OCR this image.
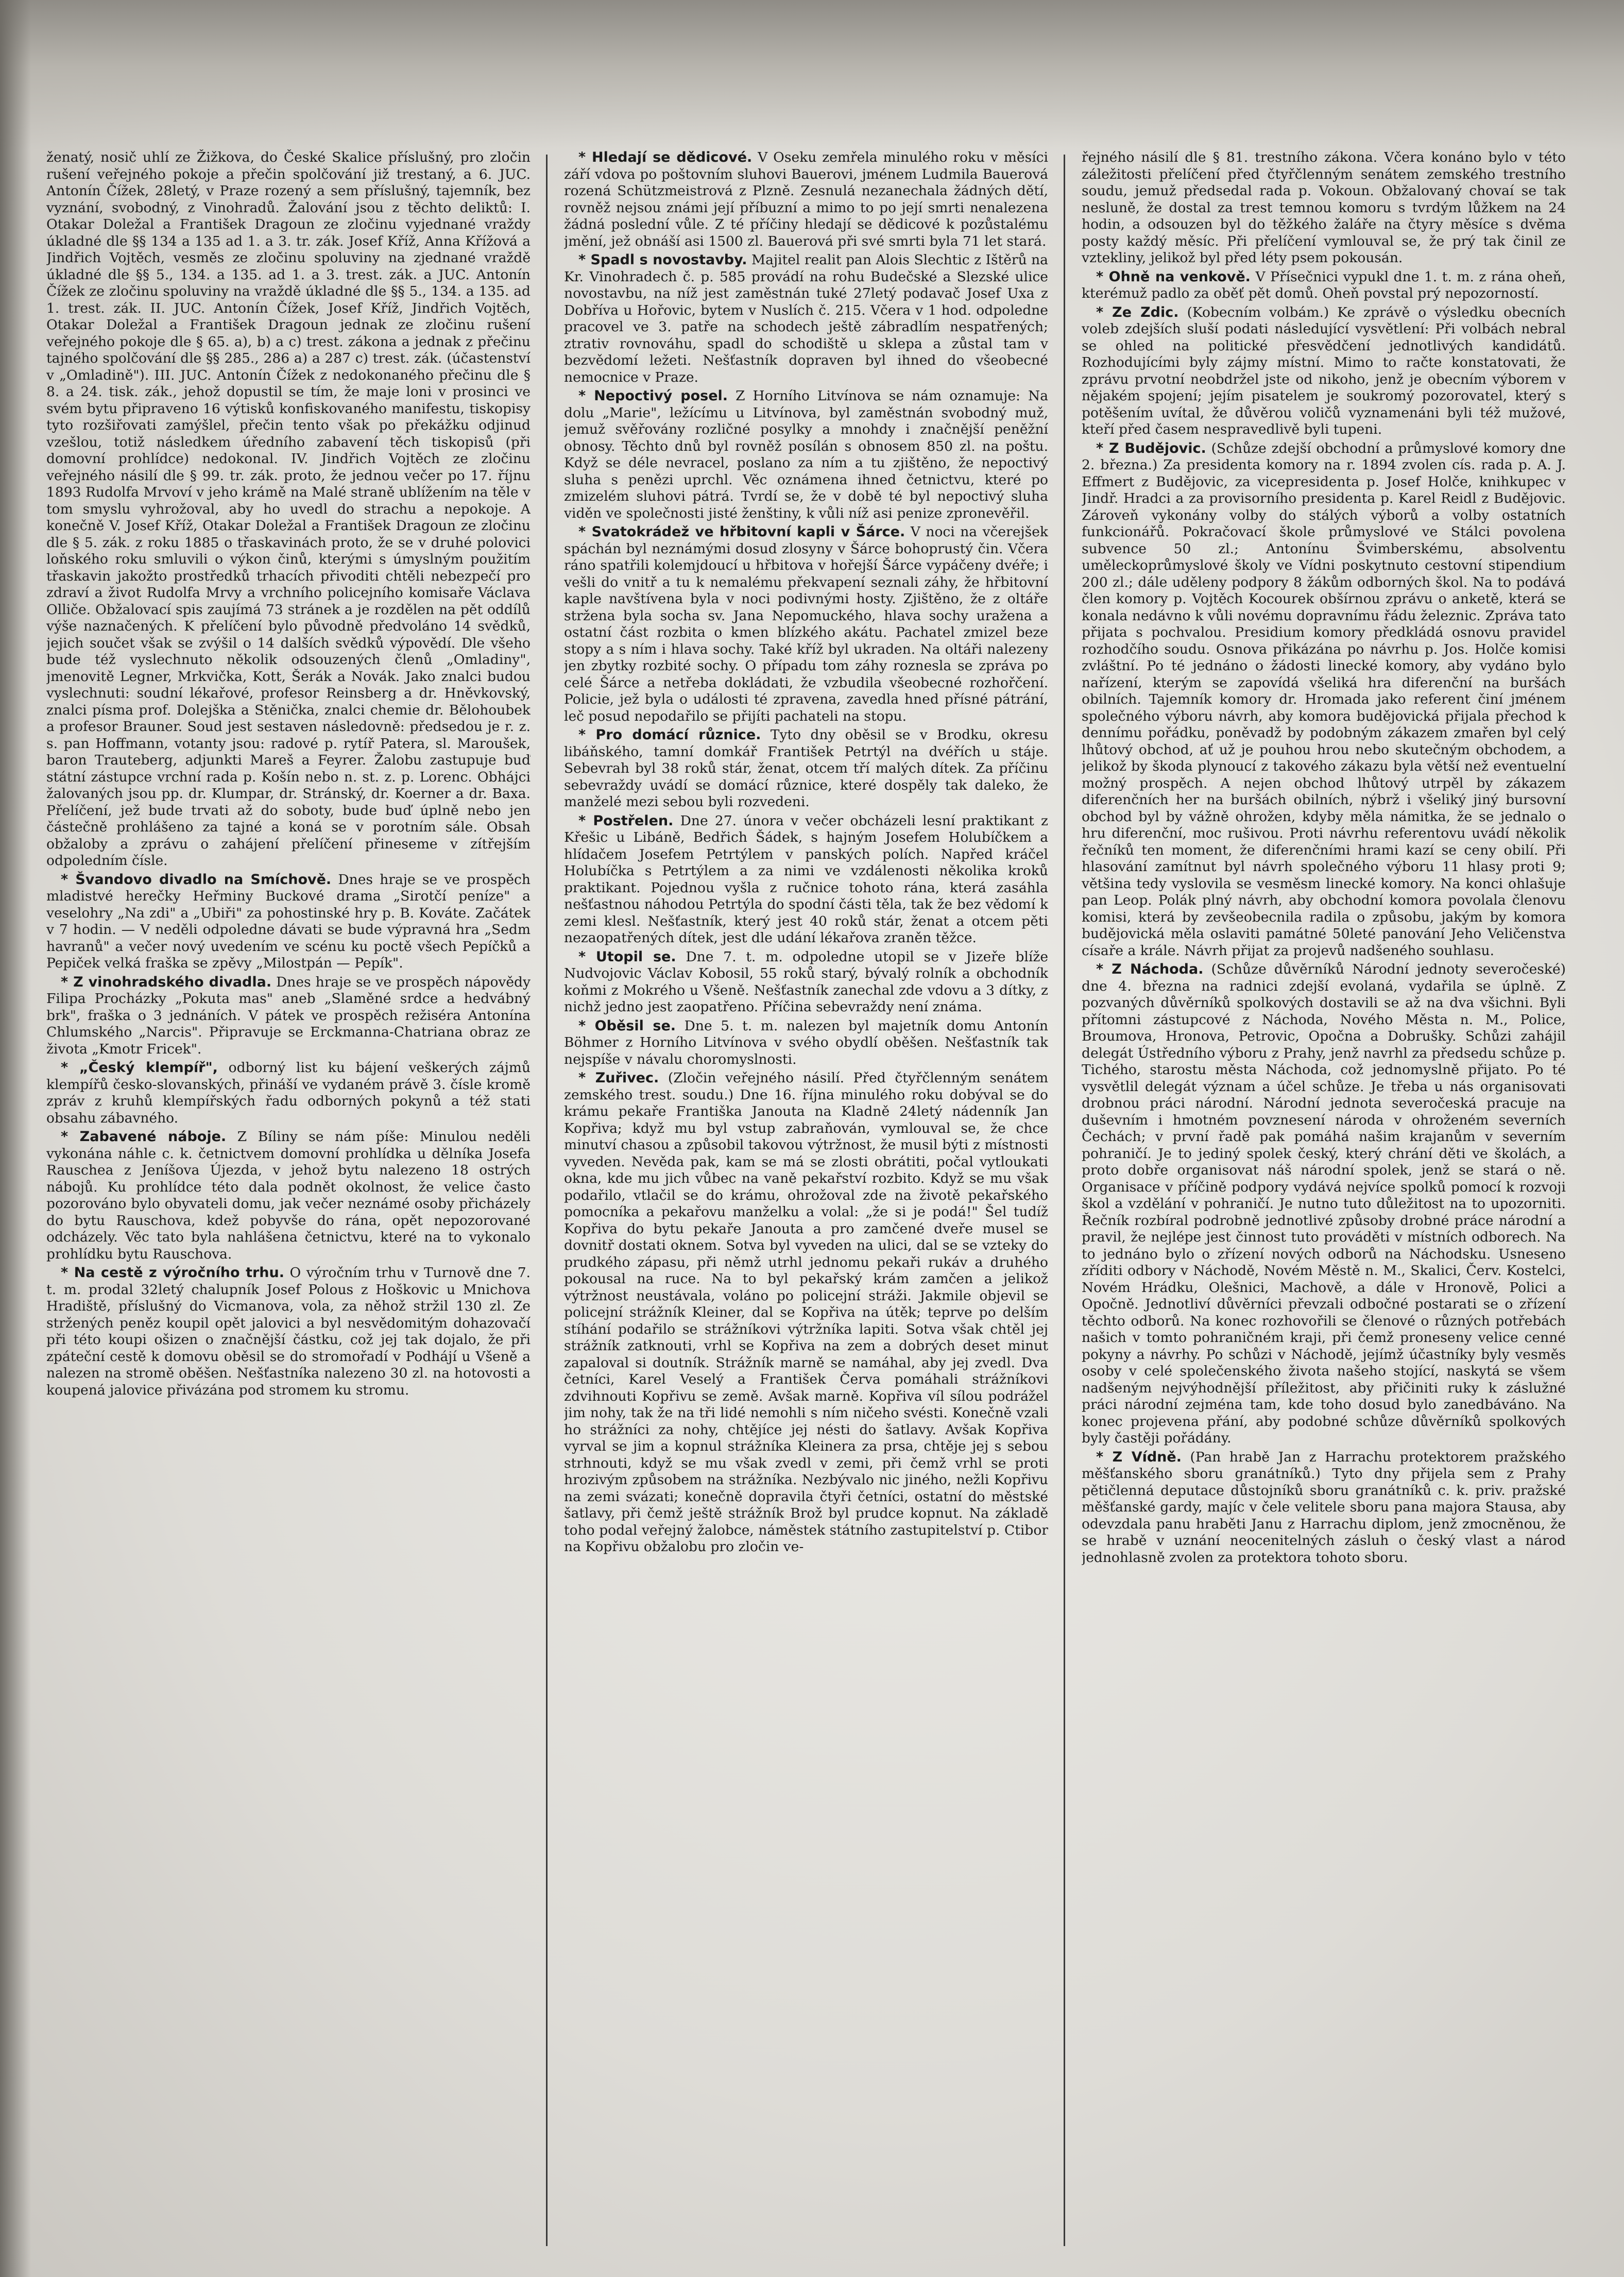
ženatý, nosič uhlí ze Žižkova, do České Skalice příslušný, pro zločin rušení veřejného pokoje a přečin spolčování již trestaný, a 6. JUC. Antonín Čížek, 28letý, v Praze rozený a sem příslušný, tajemník, bez vyznání, svobodný, z Vinohradů. Žalování jsou z těchto deliktů: I. Otakar Doležal a František Dragoun ze zločinu vyjednané vraždy úkladné dle §§ 134 a 135 ad 1. a 3. tr. zák. Josef Kříž, Anna Křížová a Jindřich Vojtěch, vesměs ze zločinu spoluviny na zjednané vraždě úkladné dle §§ 5., 134. a 135. ad 1. a 3. trest. zák. a JUC. Antonín Čížek ze zločinu spoluviny na vraždě úkladné dle §§ 5., 134. a 135. ad 1. trest. zák. II. JUC. Antonín Čížek, Josef Kříž, Jindřich Vojtěch, Otakar Doležal a František Dragoun jednak ze zločinu rušení veřejného pokoje dle § 65. a), b) a c) trest. zákona a jednak z přečinu tajného spolčování dle §§ 285., 286 a) a 287 c) trest. zák. (účastenství v „Omladině"). III. JUC. Antonín Čížek z nedokonaného přečinu dle § 8. a 24. tisk. zák., jehož dopustil se tím, že maje loni v prosinci ve svém bytu připraveno 16 výtisků konfiskovaného manifestu, tiskopisy tyto rozšiřovati zamýšlel, přečin tento však po překážku odjinud vzešlou, totiž následkem úředního zabavení těch tiskopisů (při domovní prohlídce) nedokonal. IV. Jindřich Vojtěch ze zločinu veřejného násilí dle § 99. tr. zák. proto, že jednou večer po 17. říjnu 1893 Rudolfa Mrvoví v jeho krámě na Malé straně ublížením na těle v tom smyslu vyhrožoval, aby ho uvedl do strachu a nepokoje. A konečně V. Josef Kříž, Otakar Doležal a František Dragoun ze zločinu dle § 5. zák. z roku 1885 o třaskavinách proto, že se v druhé polovici loňského roku smluvili o výkon činů, kterými s úmyslným použitím třaskavin jakožto prostředků trhacích přivoditi chtěli nebezpečí pro zdraví a život Rudolfa Mrvy a vrchního policejního komisaře Václava Olliče. Obžalovací spis zaujímá 73 stránek a je rozdělen na pět oddílů výše naznačených. K přelíčení bylo původně předvoláno 14 svědků, jejich součet však se zvýšil o 14 dalších svědků výpovědí. Dle všeho bude též vyslechnuto několik odsouzených členů „Omladiny", jmenovitě Legner, Mrkvička, Kott, Šerák a Novák. Jako znalci budou vyslechnuti: soudní lékařové, profesor Reinsberg a dr. Hněvkovský, znalci písma prof. Dolejška a Stěnička, znalci chemie dr. Bělohoubek a profesor Brauner. Soud jest sestaven následovně: předsedou je r. z. s. pan Hoffmann, votanty jsou: radové p. rytíř Patera, sl. Maroušek, baron Trauteberg, adjunkti Mareš a Feyrer. Žalobu zastupuje buď státní zástupce vrchní rada p. Košín nebo n. st. z. p. Lorenc. Obhájci žalovaných jsou pp. dr. Klumpar, dr. Stránský, dr. Koerner a dr. Baxa. Přelíčení, jež bude trvati až do soboty, bude buď úplně nebo jen částečně prohlášeno za tajné a koná se v porotním sále. Obsah obžaloby a zprávu o zahájení přelíčení přineseme v zítřejším odpoledním čísle.

* Švandovo divadlo na Smíchově. Dnes hraje se ve prospěch mladistvé herečky Heřminy Buckové drama „Sirotčí peníze" a veselohry „Na zdi" a „Ubiři" za pohostinské hry p. B. Kováte. Začátek v 7 hodin. — V neděli odpoledne dávati se bude výpravná hra „Sedm havranů" a večer nový uvedením ve scénu ku poctě všech Pepíčků a Pepiček velká fraška se zpěvy „Milostpán — Pepík".

* Z vinohradského divadla. Dnes hraje se ve prospěch nápovědy Filipa Procházky „Pokuta mas" aneb „Slaměné srdce a hedvábný brk", fraška o 3 jednáních. V pátek ve prospěch režiséra Antonína Chlumského „Narcis". Připravuje se Erckmanna-Chatriana obraz ze života „Kmotr Fricek".

* „Český klempíř", odborný list ku bájení veškerých zájmů klempířů česko-slovanských, přináší ve vydaném právě 3. čísle kromě zpráv z kruhů klempířských řadu odborných pokynů a též stati obsahu zábavného.

* Zabavené náboje. Z Bíliny se nám píše: Minulou neděli vykonána náhle c. k. četnictvem domovní prohlídka u dělníka Josefa Rauschea z Jeníšova Újezda, v jehož bytu nalezeno 18 ostrých nábojů. Ku prohlídce této dala podnět okolnost, že velice často pozorováno bylo obyvateli domu, jak večer neznámé osoby přicházely do bytu Rauschova, kdež pobyvše do rána, opět nepozorované odcházely. Věc tato byla nahlášena četnictvu, které na to vykonalo prohlídku bytu Rauschova.

* Na cestě z výročního trhu. O výročním trhu v Turnově dne 7. t. m. prodal 32letý chalupník Josef Polous z Hoškovic u Mnichova Hradiště, příslušný do Vicmanova, vola, za něhož stržil 130 zl. Ze stržených peněz koupil opět jalovici a byl nesvědomitým dohazovačí při této koupi ošizen o značnější částku, což jej tak dojalo, že při zpáteční cestě k domovu oběsil se do stromořadí v Podhájí u Všeně a nalezen na stromě oběšen. Nešťastníka nalezeno 30 zl. na hotovosti a koupená jalovice přivázána pod stromem ku stromu.

* Hledají se dědicové. V Oseku zemřela minulého roku v měsíci září vdova po poštovním sluhovi Bauerovi, jménem Ludmila Bauerová rozená Schützmeistrová z Plzně. Zesnulá nezanechala žádných dětí, rovněž nejsou známi její příbuzní a mimo to po její smrti nenalezena žádná poslední vůle. Z té příčiny hledají se dědicové k pozůstalému jmění, jež obnáší asi 1500 zl. Bauerová při své smrti byla 71 let stará.

* Spadl s novostavby. Majitel realit pan Alois Slechtic z Ištěrů na Kr. Vinohradech č. p. 585 provádí na rohu Budečské a Slezské ulice novostavbu, na níž jest zaměstnán tuké 27letý podavač Josef Uxa z Dobříva u Hořovic, bytem v Nuslích č. 215. Včera v 1 hod. odpoledne pracovel ve 3. patře na schodech ještě zábradlím nespatřených; ztrativ rovnováhu, spadl do schodiště u sklepa a zůstal tam v bezvědomí ležeti. Nešťastník dopraven byl ihned do všeobecné nemocnice v Praze.

* Nepoctivý posel. Z Horního Litvínova se nám oznamuje: Na dolu „Marie", ležícímu u Litvínova, byl zaměstnán svobodný muž, jemuž svěřovány rozličné posylky a mnohdy i značnější peněžní obnosy. Těchto dnů byl rovněž posílán s obnosem 850 zl. na poštu. Když se déle nevracel, poslano za ním a tu zjištěno, že nepoctivý sluha s penězi uprchl. Věc oznámena ihned četnictvu, které po zmizelém sluhovi pátrá. Tvrdí se, že v době té byl nepoctivý sluha viděn ve společnosti jisté ženštiny, k vůli níž asi penize zpronevěřil.

* Svatokrádež ve hřbitovní kapli v Šárce. V noci na včerejšek spáchán byl neznámými dosud zlosyny v Šárce bohoprustý čin. Včera ráno spatřili kolemjdoucí u hřbitova v hořejší Šárce vypáčeny dvéře; i vešli do vnitř a tu k nemalému překvapení seznali záhy, že hřbitovní kaple navštívena byla v noci podivnými hosty. Zjištěno, že z oltáře stržena byla socha sv. Jana Nepomuckého, hlava sochy uražena a ostatní část rozbita o kmen blízkého akátu. Pachatel zmizel beze stopy a s ním i hlava sochy. Také kříž byl ukraden. Na oltáři nalezeny jen zbytky rozbité sochy. O případu tom záhy roznesla se zpráva po celé Šárce a netřeba dokládati, že vzbudila všeobecné rozhořčení. Policie, jež byla o události té zpravena, zavedla hned přísné pátrání, leč posud nepodařilo se přijíti pachateli na stopu.

* Pro domácí různice. Tyto dny oběsil se v Brodku, okresu libáňského, tamní domkář František Petrtýl na dvéřích u stáje. Sebevrah byl 38 roků stár, ženat, otcem tří malých dítek. Za příčinu sebevraždy uvádí se domácí různice, které dospěly tak daleko, že manželé mezi sebou byli rozvedeni.

* Postřelen. Dne 27. února v večer obcházeli lesní praktikant z Křešic u Libáně, Bedřich Šádek, s hajným Josefem Holubíčkem a hlídačem Josefem Petrtýlem v panských polích. Napřed kráčel Holubíčka s Petrtýlem a za nimi ve vzdálenosti několika kroků praktikant. Pojednou vyšla z ručnice tohoto rána, která zasáhla nešťastnou náhodou Petrtýla do spodní části těla, tak že bez vědomí k zemi klesl. Nešťastník, který jest 40 roků stár, ženat a otcem pěti nezaopatřených dítek, jest dle udání lékařova zraněn těžce.

* Utopil se. Dne 7. t. m. odpoledne utopil se v Jizeře blíže Nudvojovic Václav Kobosil, 55 roků starý, bývalý rolník a obchodník koňmi z Mokrého u Všeně. Nešťastník zanechal zde vdovu a 3 dítky, z nichž jedno jest zaopatřeno. Příčina sebevraždy není známa.

* Oběsil se. Dne 5. t. m. nalezen byl majetník domu Antonín Böhmer z Horního Litvínova v svého obydlí oběšen. Nešťastník tak nejspíše v návalu choromyslnosti.

* Zuřivec. (Zločin veřejného násilí. Před čtyřčlenným senátem zemského trest. soudu.) Dne 16. října minulého roku dobýval se do krámu pekaře Františka Janouta na Kladně 24letý nádenník Jan Kopřiva; když mu byl vstup zabraňován, vymlouval se, že chce minutví chasou a způsobil takovou výtržnost, že musil býti z místnosti vyveden. Nevěda pak, kam se má se zlosti obrátiti, počal vytloukati okna, kde mu jich vůbec na vaně pekařství rozbito. Když se mu však podařilo, vtlačil se do krámu, ohrožoval zde na životě pekařského pomocníka a pekařovu manželku a volal: „že si je podá!" Šel tudíž Kopřiva do bytu pekaře Janouta a pro zamčené dveře musel se dovnitř dostati oknem. Sotva byl vyveden na ulici, dal se se vzteky do prudkého zápasu, při němž utrhl jednomu pekaři rukáv a druhého pokousal na ruce. Na to byl pekařský krám zamčen a jelikož výtržnost neustávala, voláno po policejní stráži. Jakmile objevil se policejní strážník Kleiner, dal se Kopřiva na útěk; teprve po delším stíhání podařilo se strážníkovi výtržníka lapiti. Sotva však chtěl jej strážník zatknouti, vrhl se Kopřiva na zem a dobrých deset minut zapaloval si doutník. Strážník marně se namáhal, aby jej zvedl. Dva četníci, Karel Veselý a František Červa pomáhali strážníkovi zdvihnouti Kopřivu se země. Avšak marně. Kopřiva víl sílou podrážel jim nohy, tak že na tři lidé nemohli s ním ničeho svésti. Konečně vzali ho strážníci za nohy, chtějíce jej nésti do šatlavy. Avšak Kopřiva vyrval se jim a kopnul strážníka Kleinera za prsa, chtěje jej s sebou strhnouti, když se mu však zvedl v zemi, při čemž vrhl se proti hrozivým způsobem na strážníka. Nezbývalo nic jiného, nežli Kopřivu na zemi svázati; konečně dopravila čtyři četníci, ostatní do městské šatlavy, při čemž ještě strážník Brož byl prudce kopnut. Na základě toho podal veřejný žalobce, náměstek státního zastupitelství p. Ctibor na Kopřivu obžalobu pro zločin ve-

řejného násilí dle § 81. trestního zákona. Včera konáno bylo v této záležitosti přelíčení před čtyřčlenným senátem zemského trestního soudu, jemuž předsedal rada p. Vokoun. Obžalovaný chovaí se tak nesluně, že dostal za trest temnou komoru s tvrdým lůžkem na 24 hodin, a odsouzen byl do těžkého žaláře na čtyry měsíce s dvěma posty každý měsíc. Při přelíčení vymlouval se, že prý tak činil ze vztekliny, jelikož byl před léty psem pokousán.

* Ohně na venkově. V Přísečnici vypukl dne 1. t. m. z rána oheň, kterémuž padlo za oběť pět domů. Oheň povstal prý nepozorností.

* Ze Zdic. (Kobecním volbám.) Ke zprávě o výsledku obecních voleb zdejších sluší podati následující vysvětlení: Při volbách nebral se ohled na politické přesvědčení jednotlivých kandidátů. Rozhodujícími byly zájmy místní. Mimo to račte konstatovati, že zprávu prvotní neobdržel jste od nikoho, jenž je obecním výborem v nějakém spojení; jejím pisatelem je soukromý pozorovatel, který s potěšením uvítal, že důvěrou voličů vyznamenáni byli též mužové, kteří před časem nespravedlivě byli tupeni.

* Z Budějovic. (Schůze zdejší obchodní a průmyslové komory dne 2. března.) Za presidenta komory na r. 1894 zvolen cís. rada p. A. J. Effmert z Budějovic, za vicepresidenta p. Josef Holče, knihkupec v Jindř. Hradci a za provisorního presidenta p. Karel Reidl z Budějovic. Zároveň vykonány volby do stálých výborů a volby ostatních funkcionářů. Pokračovací škole průmyslové ve Stálci povolena subvence 50 zl.; Antonínu Švimberskému, absolventu uměleckoprůmyslové školy ve Vídni poskytnuto cestovní stipendium 200 zl.; dále uděleny podpory 8 žákům odborných škol. Na to podává člen komory p. Vojtěch Kocourek obšírnou zprávu o anketě, která se konala nedávno k vůli novému dopravnímu řádu železnic. Zpráva tato přijata s pochvalou. Presidium komory předkládá osnovu pravidel rozhodčího soudu. Osnova přikázána po návrhu p. Jos. Holče komisi zvláštní. Po té jednáno o žádosti linecké komory, aby vydáno bylo nařízení, kterým se zapovídá všeliká hra diferenční na buršách obilních. Tajemník komory dr. Hromada jako referent činí jménem společného výboru návrh, aby komora budějovická přijala přechod k dennímu pořádku, poněvadž by podobným zákazem zmařen byl celý lhůtový obchod, ať už je pouhou hrou nebo skutečným obchodem, a jelikož by škoda plynoucí z takového zákazu byla větší než eventuelní možný prospěch. A nejen obchod lhůtový utrpěl by zákazem diferenčních her na buršách obilních, nýbrž i všeliký jiný bursovní obchod byl by vážně ohrožen, kdyby měla námitka, že se jednalo o hru diferenční, moc rušivou. Proti návrhu referentovu uvádí několik řečníků ten moment, že diferenčními hrami kazí se ceny obilí. Při hlasování zamítnut byl návrh společného výboru 11 hlasy proti 9; většina tedy vyslovila se vesměsm linecké komory. Na konci ohlašuje pan Leop. Polák plný návrh, aby obchodní komora povolala členovu komisi, která by zevšeobecnila radila o způsobu, jakým by komora budějovická měla oslaviti památné 50leté panování Jeho Veličenstva císaře a krále. Návrh přijat za projevů nadšeného souhlasu.

* Z Náchoda. (Schůze důvěrníků Národní jednoty severočeské) dne 4. března na radnici zdejší evolaná, vydařila se úplně. Z pozvaných důvěrníků spolkových dostavili se až na dva všichni. Byli přítomni zástupcové z Náchoda, Nového Města n. M., Police, Broumova, Hronova, Petrovic, Opočna a Dobrušky. Schůzi zahájil delegát Ústředního výboru z Prahy, jenž navrhl za předsedu schůze p. Tichého, starostu města Náchoda, což jednomyslně přijato. Po té vysvětlil delegát význam a účel schůze. Je třeba u nás organisovati drobnou práci národní. Národní jednota severočeská pracuje na duševním i hmotném povznesení národa v ohroženém severních Čechách; v první řadě pak pomáhá našim krajanům v severním pohraničí. Je to jediný spolek český, který chrání děti ve školách, a proto dobře organisovat náš národní spolek, jenž se stará o ně. Organisace v příčině podpory vydává nejvíce spolků pomocí k rozvoji škol a vzdělání v pohraničí. Je nutno tuto důležitost na to upozorniti. Řečník rozbíral podrobně jednotlivé způsoby drobné práce národní a pravil, že nejlépe jest činnost tuto prováděti v místních odborech. Na to jednáno bylo o zřízení nových odborů na Náchodsku. Usneseno zříditi odbory v Náchodě, Novém Městě n. M., Skalici, Červ. Kostelci, Novém Hrádku, Olešnici, Machově, a dále v Hronově, Polici a Opočně. Jednotliví důvěrníci převzali odbočné postarati se o zřízení těchto odborů. Na konec rozhovořili se členové o různých potřebách našich v tomto pohraničném kraji, při čemž proneseny velice cenné pokyny a návrhy. Po schůzi v Náchodě, jejímž účastníky byly vesměs osoby v celé společenského života našeho stojící, naskytá se všem nadšeným nejvýhodnější příležitost, aby přičiniti ruky k záslužné práci národní zejména tam, kde toho dosud bylo zanedbáváno. Na konec projevena přání, aby podobné schůze důvěrníků spolkových byly častěji pořádány.

* Z Vídně. (Pan hrabě Jan z Harrachu protektorem pražského měšťanského sboru granátníků.) Tyto dny přijela sem z Prahy pětičlenná deputace důstojníků sboru granátníků c. k. priv. pražské měšťanské gardy, majíc v čele velitele sboru pana majora Stausa, aby odevzdala panu hraběti Janu z Harrachu diplom, jenž zmocněnou, že se hrabě v uznání neocenitelných zásluh o český vlast a národ jednohlasně zvolen za protektora tohoto sboru.
